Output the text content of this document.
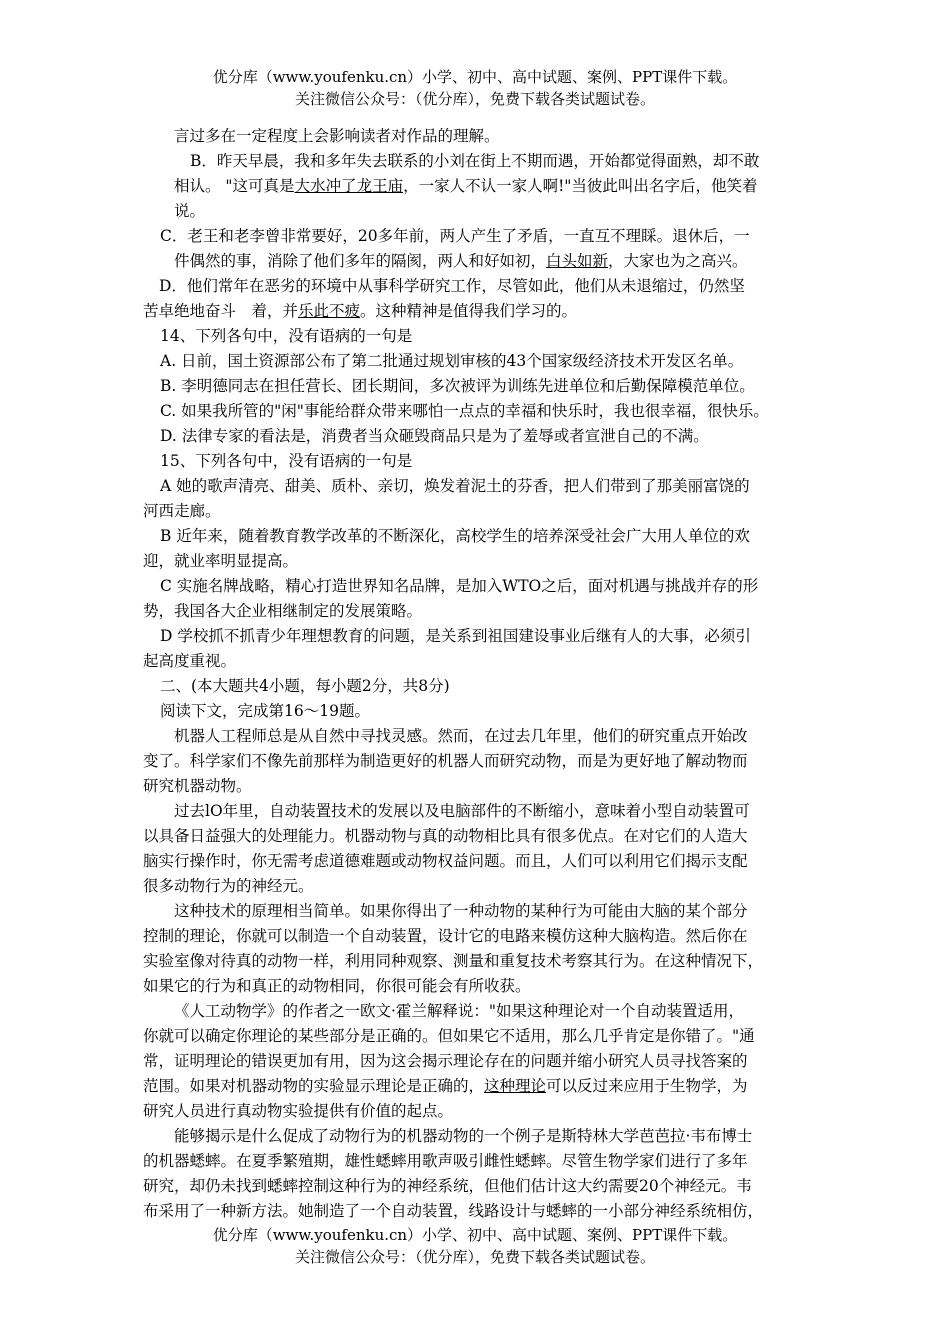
优分库（www.youfenku.cn）小学、初中、高中试题、案例、PPT课件下载。
关注微信公众号：（优分库），免费下载各类试题试卷。

言过多在一定程度上会影响读者对作品的理解。

B．昨天早晨，我和多年失去联系的小刘在街上不期而遇，开始都觉得面熟，却不敢

相认。 "这可真是大水冲了龙王庙，一家人不认一家人啊!"当彼此叫出名字后，他笑着

说。

C．老王和老李曾非常要好，20多年前，两人产生了矛盾，一直互不理睬。退休后，一

件偶然的事，消除了他们多年的隔阂，两人和好如初，白头如新，大家也为之高兴。

D．他们常年在恶劣的环境中从事科学研究工作，尽管如此，他们从未退缩过，仍然坚

苦卓绝地奋斗　着，并乐此不疲。这种精神是值得我们学习的。

14、下列各句中，没有语病的一句是

A. 日前，国土资源部公布了第二批通过规划审核的43个国家级经济技术开发区名单。

B. 李明德同志在担任营长、团长期间，多次被评为训练先进单位和后勤保障模范单位。

C. 如果我所管的"闲"事能给群众带来哪怕一点点的幸福和快乐时，我也很幸福，很快乐。

D. 法律专家的看法是，消费者当众砸毁商品只是为了羞辱或者宣泄自己的不满。

15、下列各句中，没有语病的一句是

A 她的歌声清亮、甜美、质朴、亲切，焕发着泥土的芬香，把人们带到了那美丽富饶的

河西走廊。

B 近年来，随着教育教学改革的不断深化，高校学生的培养深受社会广大用人单位的欢

迎，就业率明显提高。

C 实施名牌战略，精心打造世界知名品牌，是加入WTO之后，面对机遇与挑战并存的形

势，我国各大企业相继制定的发展策略。

D 学校抓不抓青少年理想教育的问题，是关系到祖国建设事业后继有人的大事，必须引

起高度重视。

二、(本大题共4小题，每小题2分，共8分)

阅读下文，完成第16～19题。

机器人工程师总是从自然中寻找灵感。然而，在过去几年里，他们的研究重点开始改

变了。科学家们不像先前那样为制造更好的机器人而研究动物，而是为更好地了解动物而

研究机器动物。

过去lO年里，自动装置技术的发展以及电脑部件的不断缩小，意味着小型自动装置可

以具备日益强大的处理能力。机器动物与真的动物相比具有很多优点。在对它们的人造大

脑实行操作时，你无需考虑道德难题或动物权益问题。而且，人们可以利用它们揭示支配

很多动物行为的神经元。

这种技术的原理相当简单。如果你得出了一种动物的某种行为可能由大脑的某个部分

控制的理论，你就可以制造一个自动装置，设计它的电路来模仿这种大脑构造。然后你在

实验室像对待真的动物一样，利用同种观察、测量和重复技术考察其行为。在这种情况下，

如果它的行为和真正的动物相同，你很可能会有所收获。

《人工动物学》的作者之一欧文·霍兰解释说："如果这种理论对一个自动装置适用，

你就可以确定你理论的某些部分是正确的。但如果它不适用，那么几乎肯定是你错了。"通

常，证明理论的错误更加有用，因为这会揭示理论存在的问题并缩小研究人员寻找答案的

范围。如果对机器动物的实验显示理论是正确的，这种理论可以反过来应用于生物学，为

研究人员进行真动物实验提供有价值的起点。

能够揭示是什么促成了动物行为的机器动物的一个例子是斯特林大学芭芭拉·韦布博士

的机器蟋蟀。在夏季繁殖期，雄性蟋蟀用歌声吸引雌性蟋蟀。尽管生物学家们进行了多年

研究，却仍未找到蟋蟀控制这种行为的神经系统，但他们估计这大约需要20个神经元。韦

布采用了一种新方法。她制造了一个自动装置，线路设计与蟋蟀的一小部分神经系统相仿，

优分库（www.youfenku.cn）小学、初中、高中试题、案例、PPT课件下载。
关注微信公众号：（优分库），免费下载各类试题试卷。
